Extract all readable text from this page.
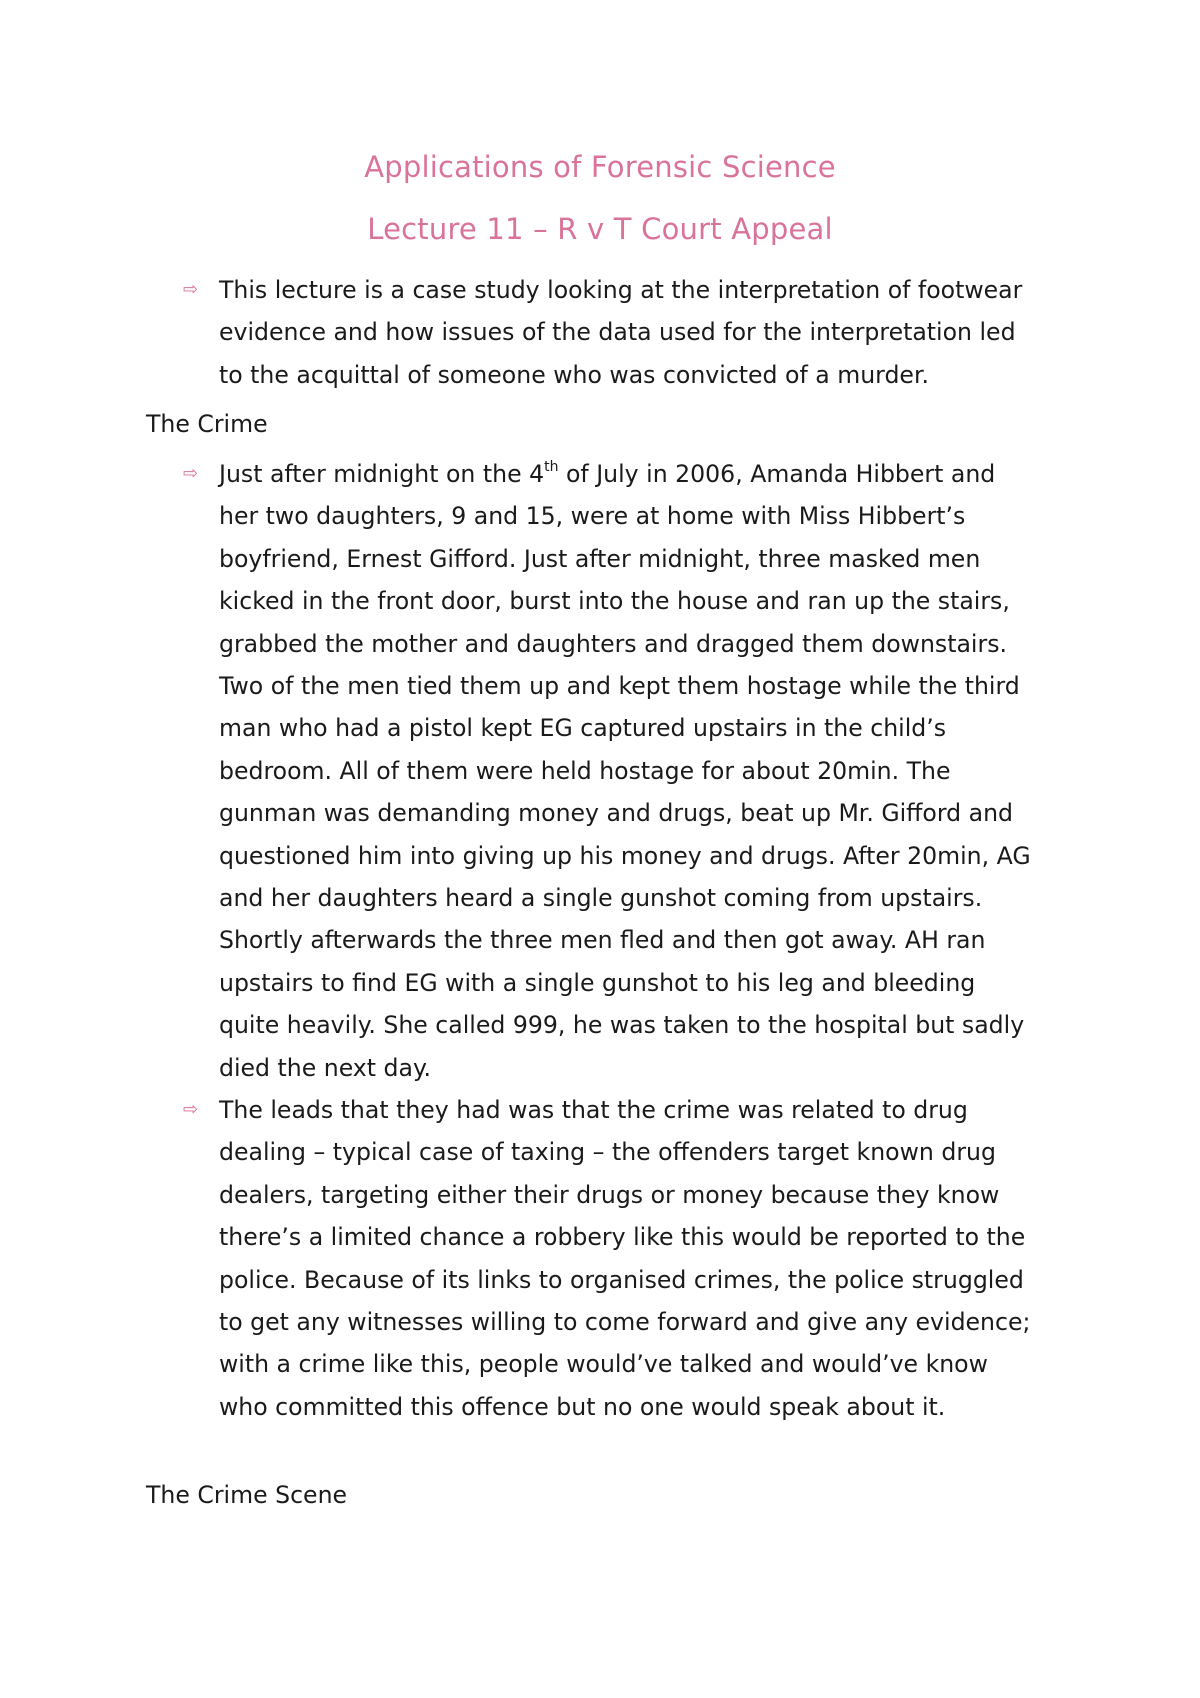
Applications of Forensic Science
Lecture 11 – R v T Court Appeal
⇨ This lecture is a case study looking at the interpretation of footwear
evidence and how issues of the data used for the interpretation led
to the acquittal of someone who was convicted of a murder.
The Crime
⇨ Just after midnight on the 4th of July in 2006, Amanda Hibbert and
her two daughters, 9 and 15, were at home with Miss Hibbert’s
boyfriend, Ernest Gifford. Just after midnight, three masked men
kicked in the front door, burst into the house and ran up the stairs,
grabbed the mother and daughters and dragged them downstairs.
Two of the men tied them up and kept them hostage while the third
man who had a pistol kept EG captured upstairs in the child’s
bedroom. All of them were held hostage for about 20min. The
gunman was demanding money and drugs, beat up Mr. Gifford and
questioned him into giving up his money and drugs. After 20min, AG
and her daughters heard a single gunshot coming from upstairs.
Shortly afterwards the three men fled and then got away. AH ran
upstairs to find EG with a single gunshot to his leg and bleeding
quite heavily. She called 999, he was taken to the hospital but sadly
died the next day.
⇨ The leads that they had was that the crime was related to drug
dealing – typical case of taxing – the offenders target known drug
dealers, targeting either their drugs or money because they know
there’s a limited chance a robbery like this would be reported to the
police. Because of its links to organised crimes, the police struggled
to get any witnesses willing to come forward and give any evidence;
with a crime like this, people would’ve talked and would’ve know
who committed this offence but no one would speak about it.
The Crime Scene
